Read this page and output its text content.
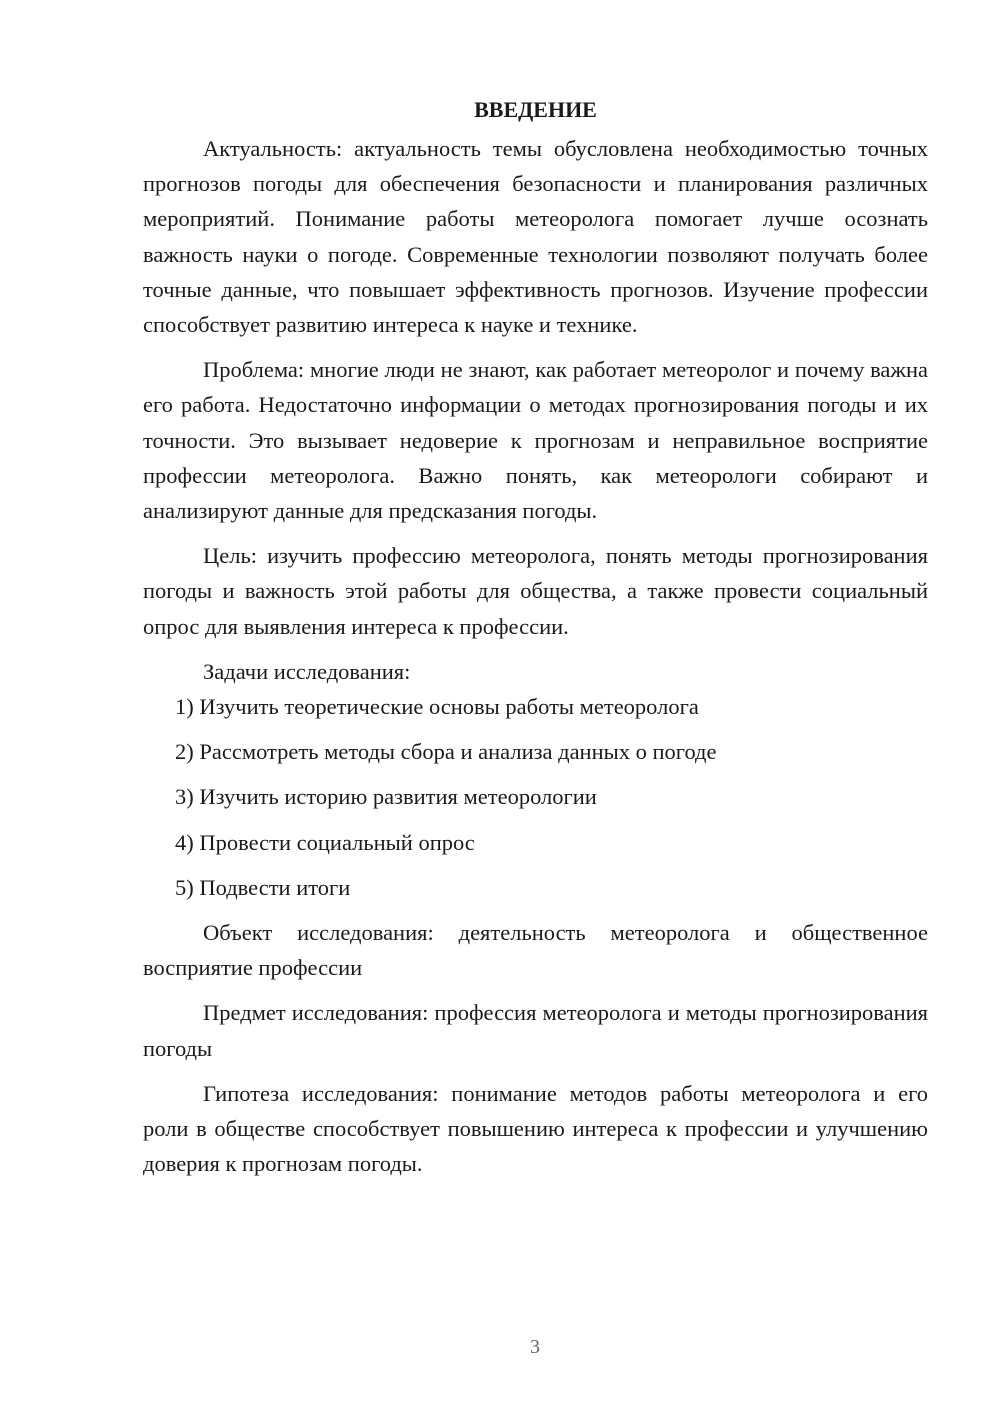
ВВЕДЕНИЕ

Актуальность: актуальность темы обусловлена необходимостью точных прогнозов погоды для обеспечения безопасности и планирования различных мероприятий. Понимание работы метеоролога помогает лучше осознать важность науки о погоде. Современные технологии позволяют получать более точные данные, что повышает эффективность прогнозов. Изучение профессии способствует развитию интереса к науке и технике.

Проблема: многие люди не знают, как работает метеоролог и почему важна его работа. Недостаточно информации о методах прогнозирования погоды и их точности. Это вызывает недоверие к прогнозам и неправильное восприятие профессии метеоролога. Важно понять, как метеорологи собирают и анализируют данные для предсказания погоды.

Цель: изучить профессию метеоролога, понять методы прогнозирования погоды и важность этой работы для общества, а также провести социальный опрос для выявления интереса к профессии.

Задачи исследования:

1) Изучить теоретические основы работы метеоролога

2) Рассмотреть методы сбора и анализа данных о погоде

3) Изучить историю развития метеорологии

4) Провести социальный опрос

5) Подвести итоги

Объект исследования: деятельность метеоролога и общественное восприятие профессии

Предмет исследования: профессия метеоролога и методы прогнозирования погоды

Гипотеза исследования: понимание методов работы метеоролога и его роли в обществе способствует повышению интереса к профессии и улучшению доверия к прогнозам погоды.

3
